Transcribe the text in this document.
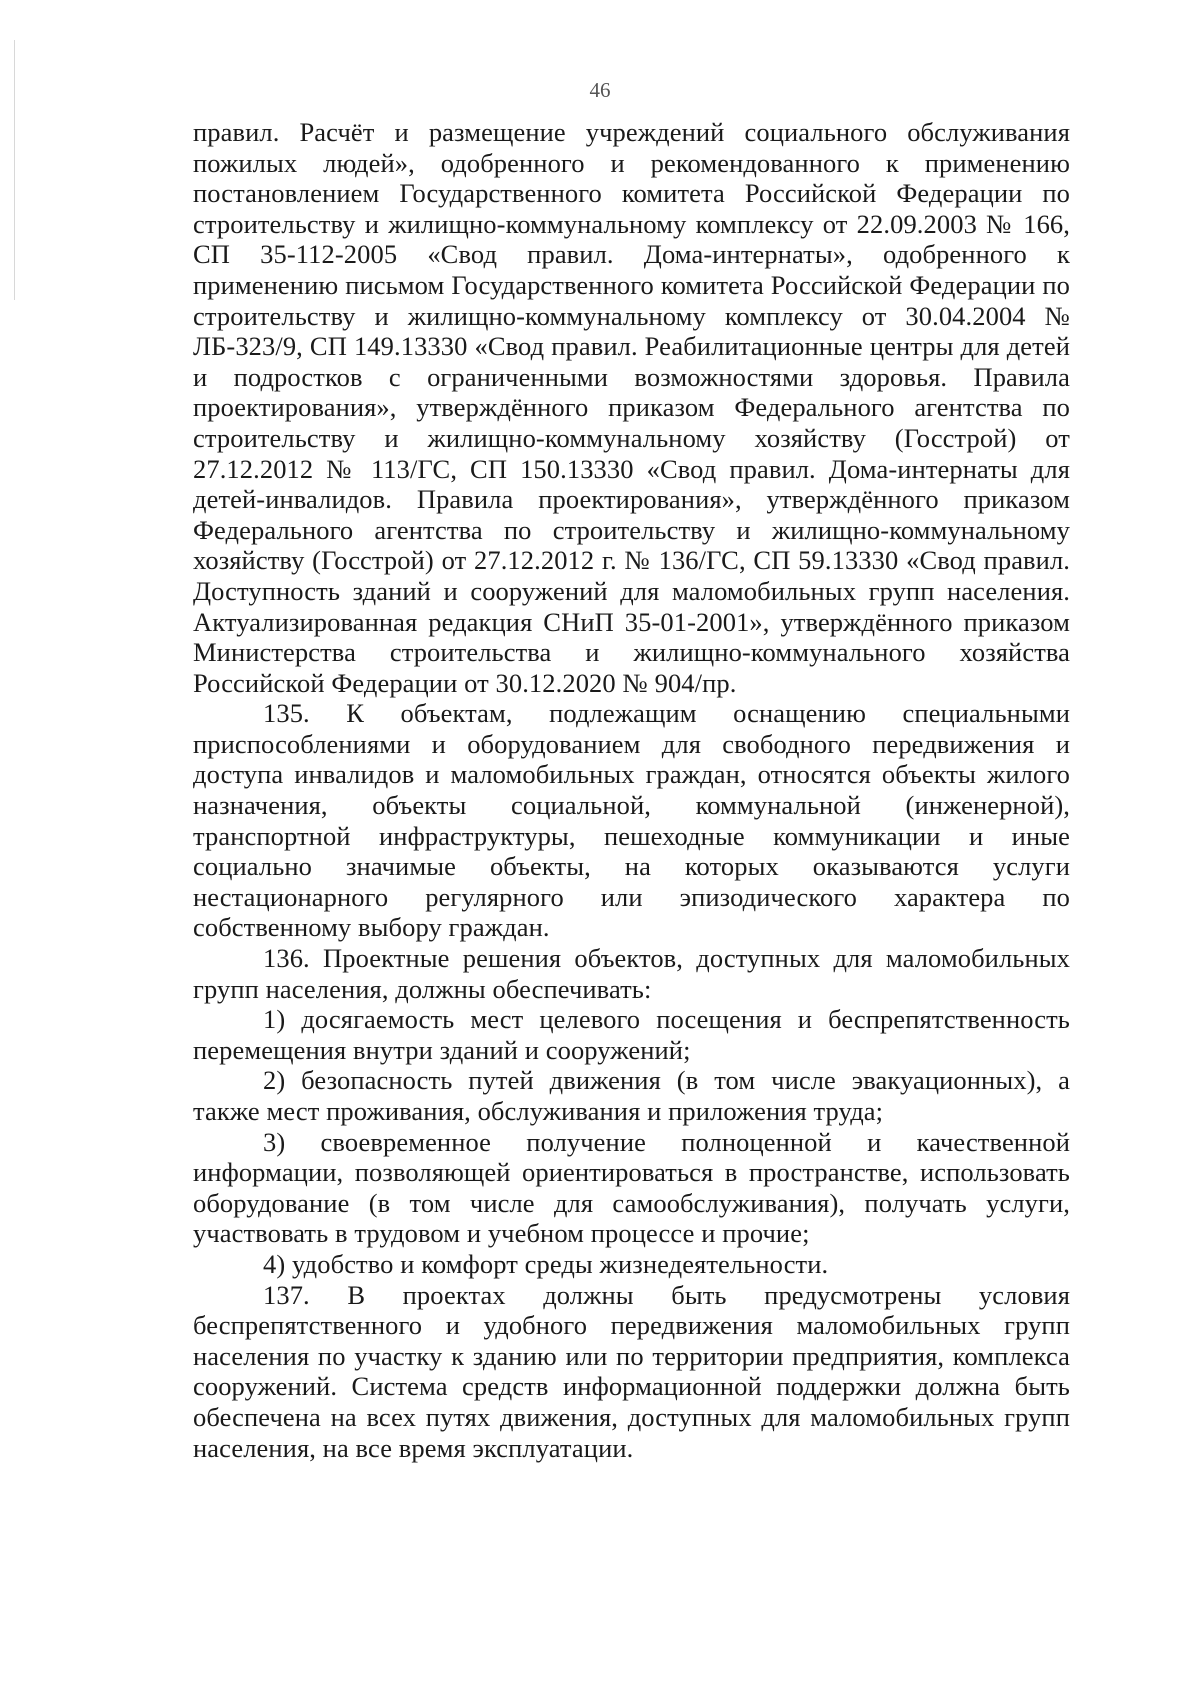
46

правил. Расчёт и размещение учреждений социального обслуживания пожилых людей», одобренного и рекомендованного к применению постановлением Государственного комитета Российской Федерации по строительству и жилищно-коммунальному комплексу от 22.09.2003 № 166, СП 35-112-2005 «Свод правил. Дома-интернаты», одобренного к применению письмом Государственного комитета Российской Федерации по строительству и жилищно-коммунальному комплексу от 30.04.2004 № ЛБ-323/9, СП 149.13330 «Свод правил. Реабилитационные центры для детей и подростков с ограниченными возможностями здоровья. Правила проектирования», утверждённого приказом Федерального агентства по строительству и жилищно-коммунальному хозяйству (Госстрой) от 27.12.2012 № 113/ГС, СП 150.13330 «Свод правил. Дома-интернаты для детей-инвалидов. Правила проектирования», утверждённого приказом Федерального агентства по строительству и жилищно-коммунальному хозяйству (Госстрой) от 27.12.2012 г. № 136/ГС, СП 59.13330 «Свод правил. Доступность зданий и сооружений для маломобильных групп населения. Актуализированная редакция СНиП 35-01-2001», утверждённого приказом Министерства строительства и жилищно-коммунального хозяйства Российской Федерации от 30.12.2020 № 904/пр.

135. К объектам, подлежащим оснащению специальными приспособлениями и оборудованием для свободного передвижения и доступа инвалидов и маломобильных граждан, относятся объекты жилого назначения, объекты социальной, коммунальной (инженерной), транспортной инфраструктуры, пешеходные коммуникации и иные социально значимые объекты, на которых оказываются услуги нестационарного регулярного или эпизодического характера по собственному выбору граждан.

136. Проектные решения объектов, доступных для маломобильных групп населения, должны обеспечивать:

1) досягаемость мест целевого посещения и беспрепятственность перемещения внутри зданий и сооружений;

2) безопасность путей движения (в том числе эвакуационных), а также мест проживания, обслуживания и приложения труда;

3) своевременное получение полноценной и качественной информации, позволяющей ориентироваться в пространстве, использовать оборудование (в том числе для самообслуживания), получать услуги, участвовать в трудовом и учебном процессе и прочие;

4) удобство и комфорт среды жизнедеятельности.

137. В проектах должны быть предусмотрены условия беспрепятственного и удобного передвижения маломобильных групп населения по участку к зданию или по территории предприятия, комплекса сооружений. Система средств информационной поддержки должна быть обеспечена на всех путях движения, доступных для маломобильных групп населения, на все время эксплуатации.
